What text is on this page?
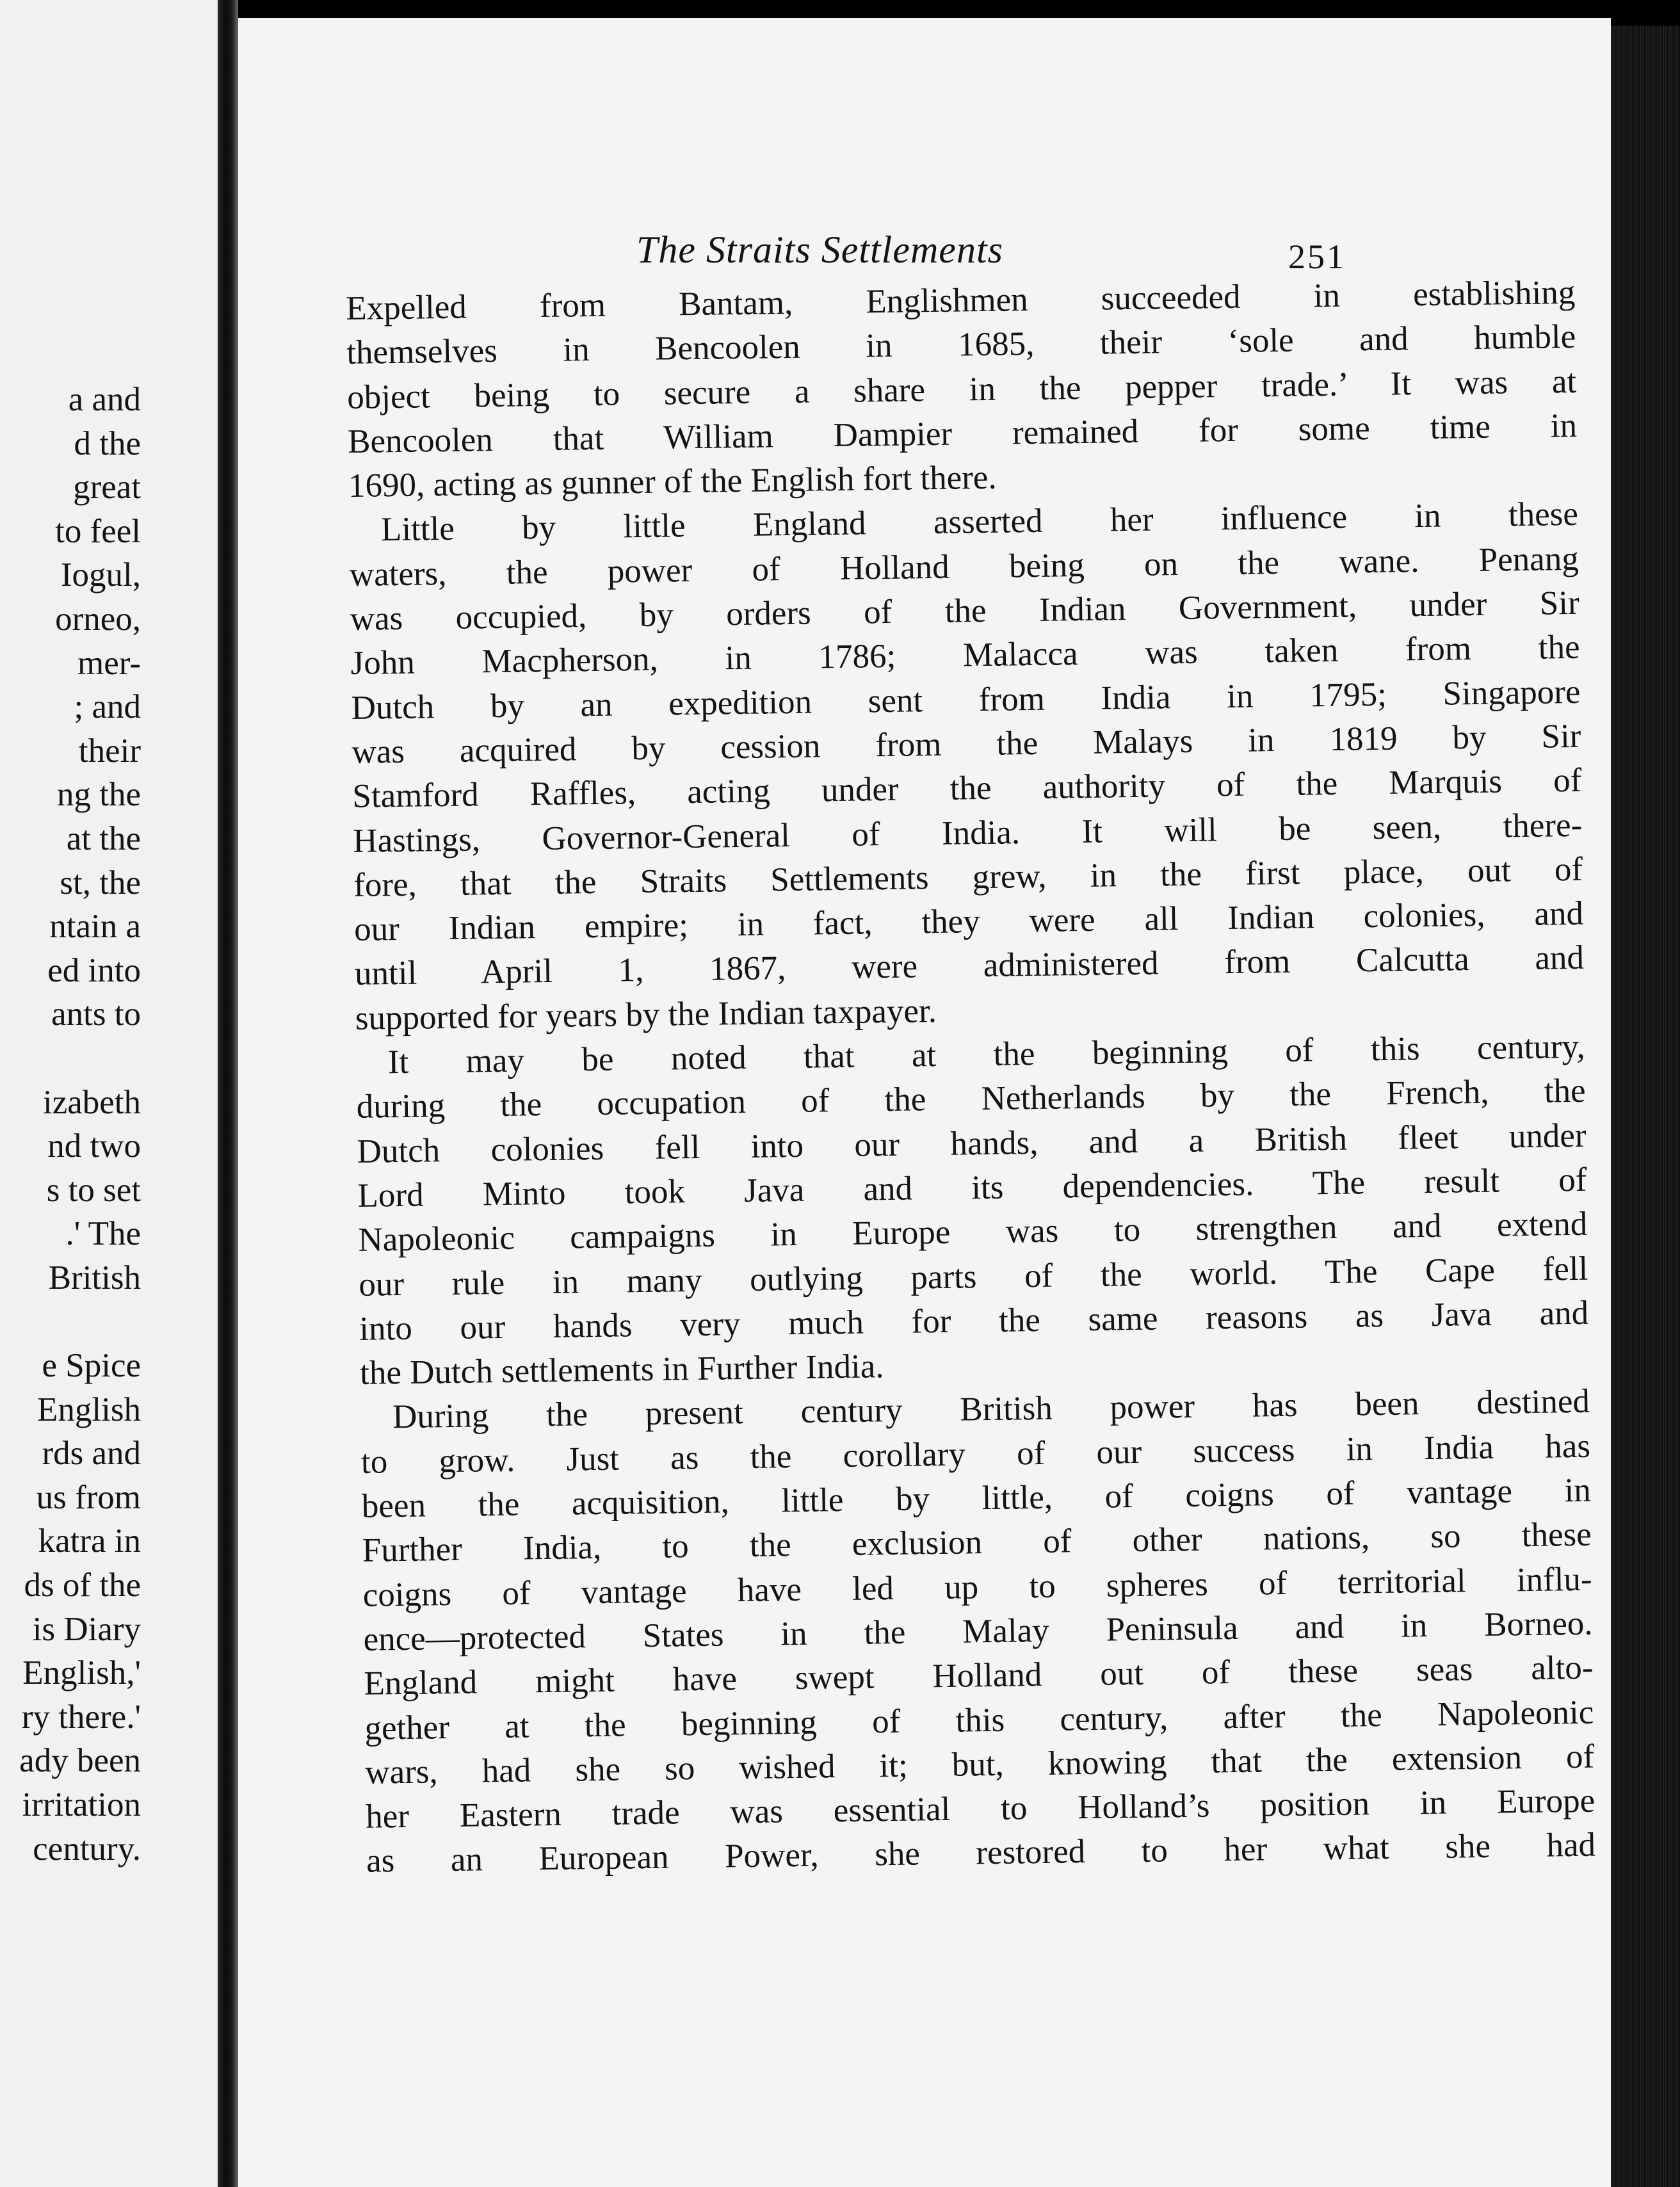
a and
d the
great
to feel
Iogul,
orneo,
mer-
; and
their
ng the
at the
st, the
ntain a
ed into
ants to
izabeth
nd two
s to set
.' The
British
e Spice
English
rds and
us from
katra in
ds of the
is Diary
English,'
ry there.'
ady been
irritation
century.
The Straits Settlements	251
Expelled from Bantam, Englishmen succeeded in establishing
themselves in Bencoolen in 1685, their ‘sole and humble
object being to secure a share in the pepper trade.’ It was at
Bencoolen that William Dampier remained for some time in
1690, acting as gunner of the English fort there.
Little by little England asserted her influence in these
waters, the power of Holland being on the wane. Penang
was occupied, by orders of the Indian Government, under Sir
John Macpherson, in 1786; Malacca was taken from the
Dutch by an expedition sent from India in 1795; Singapore
was acquired by cession from the Malays in 1819 by Sir
Stamford Raffles, acting under the authority of the Marquis of
Hastings, Governor-General of India. It will be seen, there-
fore, that the Straits Settlements grew, in the first place, out of
our Indian empire; in fact, they were all Indian colonies, and
until April 1, 1867, were administered from Calcutta and
supported for years by the Indian taxpayer.
It may be noted that at the beginning of this century,
during the occupation of the Netherlands by the French, the
Dutch colonies fell into our hands, and a British fleet under
Lord Minto took Java and its dependencies. The result of
Napoleonic campaigns in Europe was to strengthen and extend
our rule in many outlying parts of the world. The Cape fell
into our hands very much for the same reasons as Java and
the Dutch settlements in Further India.
During the present century British power has been destined
to grow. Just as the corollary of our success in India has
been the acquisition, little by little, of coigns of vantage in
Further India, to the exclusion of other nations, so these
coigns of vantage have led up to spheres of territorial influ-
ence—protected States in the Malay Peninsula and in Borneo.
England might have swept Holland out of these seas alto-
gether at the beginning of this century, after the Napoleonic
wars, had she so wished it; but, knowing that the extension of
her Eastern trade was essential to Holland’s position in Europe
as an European Power, she restored to her what she had
